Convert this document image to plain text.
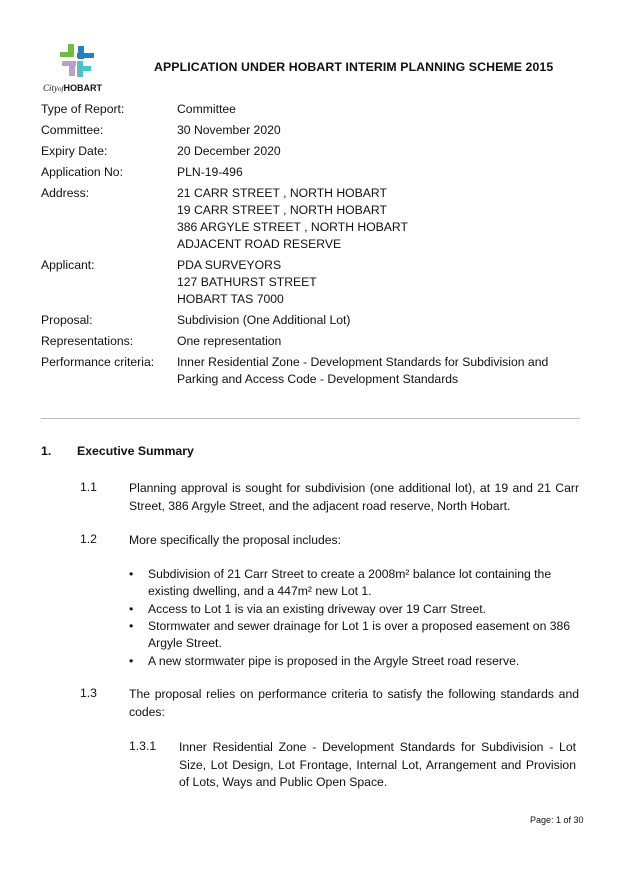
CityofHOBART
APPLICATION UNDER HOBART INTERIM PLANNING SCHEME 2015
Type of Report:	Committee
Committee:	30 November 2020
Expiry Date:	20 December 2020
Application No:	PLN-19-496
Address:	21 CARR STREET , NORTH HOBART
19 CARR STREET , NORTH HOBART
386 ARGYLE STREET , NORTH HOBART
ADJACENT ROAD RESERVE
Applicant:	PDA SURVEYORS
127 BATHURST STREET
HOBART TAS 7000
Proposal:	Subdivision (One Additional Lot)
Representations:	One representation
Performance criteria:	Inner Residential Zone - Development Standards for Subdivision and
Parking and Access Code - Development Standards
1. Executive Summary
1.1	Planning approval is sought for subdivision (one additional lot), at 19 and 21 Carr Street, 386 Argyle Street, and the adjacent road reserve, North Hobart.
1.2	More specifically the proposal includes:
• Subdivision of 21 Carr Street to create a 2008m² balance lot containing the existing dwelling, and a 447m² new Lot 1.
• Access to Lot 1 is via an existing driveway over 19 Carr Street.
• Stormwater and sewer drainage for Lot 1 is over a proposed easement on 386 Argyle Street.
• A new stormwater pipe is proposed in the Argyle Street road reserve.
1.3	The proposal relies on performance criteria to satisfy the following standards and codes:
1.3.1 Inner Residential Zone - Development Standards for Subdivision - Lot Size, Lot Design, Lot Frontage, Internal Lot, Arrangement and Provision of Lots, Ways and Public Open Space.
Page: 1 of 30
